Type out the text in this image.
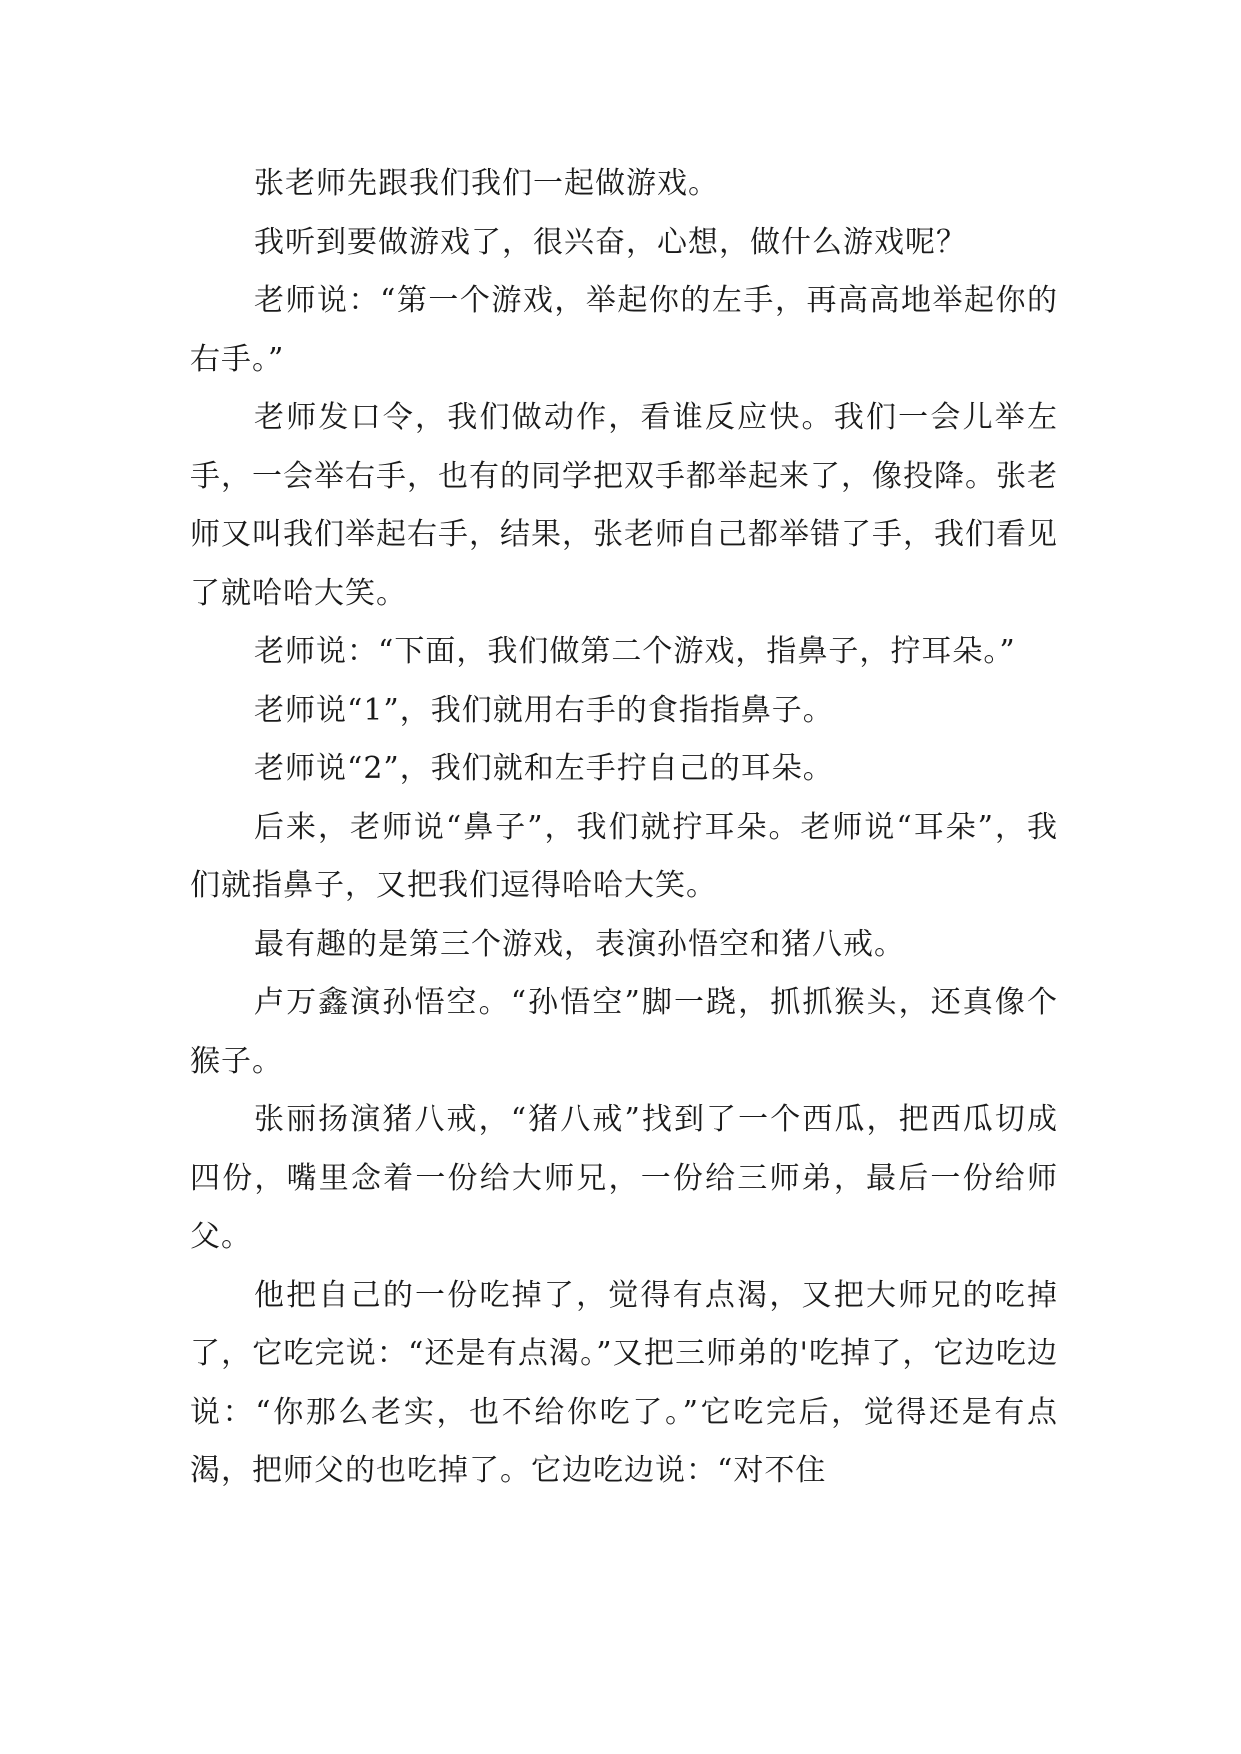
张老师先跟我们我们一起做游戏。

我听到要做游戏了，很兴奋，心想，做什么游戏呢？

老师说：“第一个游戏，举起你的左手，再高高地举起你的右手。”

老师发口令，我们做动作，看谁反应快。我们一会儿举左手，一会举右手，也有的同学把双手都举起来了，像投降。张老师又叫我们举起右手，结果，张老师自己都举错了手，我们看见了就哈哈大笑。

老师说：“下面，我们做第二个游戏，指鼻子，拧耳朵。”

老师说“1”，我们就用右手的食指指鼻子。

老师说“2”，我们就和左手拧自己的耳朵。

后来，老师说“鼻子”，我们就拧耳朵。老师说“耳朵”，我们就指鼻子，又把我们逗得哈哈大笑。

最有趣的是第三个游戏，表演孙悟空和猪八戒。

卢万鑫演孙悟空。“孙悟空”脚一跷，抓抓猴头，还真像个猴子。

张丽扬演猪八戒，“猪八戒”找到了一个西瓜，把西瓜切成四份，嘴里念着一份给大师兄，一份给三师弟，最后一份给师父。

他把自己的一份吃掉了，觉得有点渴，又把大师兄的吃掉了，它吃完说：“还是有点渴。”又把三师弟的'吃掉了，它边吃边说：“你那么老实，也不给你吃了。”它吃完后，觉得还是有点渴，把师父的也吃掉了。它边吃边说：“对不住
